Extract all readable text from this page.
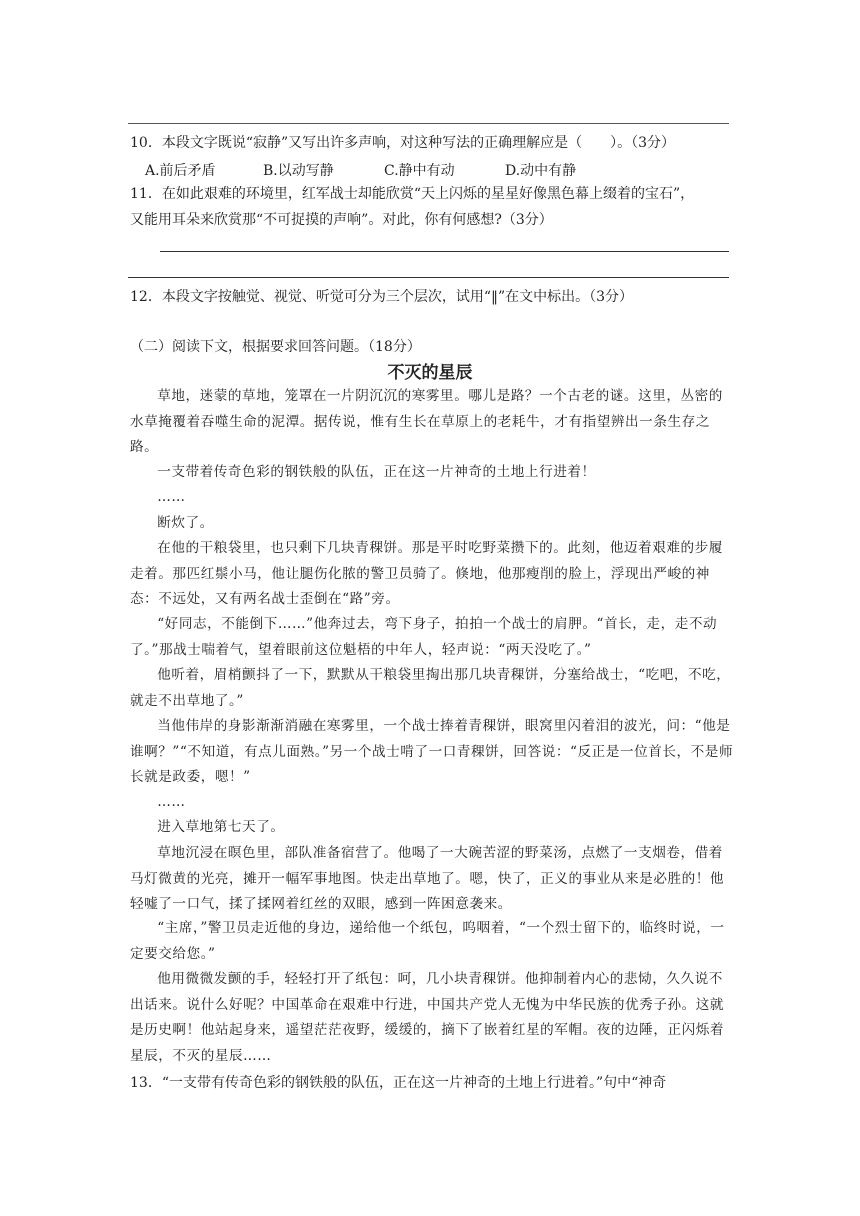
10．本段文字既说“寂静”又写出许多声响，对这种写法的正确理解应是（　　）。（3分）
A.前后矛盾	B.以动写静	C.静中有动	D.动中有静
11．在如此艰难的环境里，红军战士却能欣赏“天上闪烁的星星好像黑色幕上缀着的宝石”，
又能用耳朵来欣赏那“不可捉摸的声响”。对此，你有何感想?（3分）
12．本段文字按触觉、视觉、听觉可分为三个层次，试用“‖”在文中标出。（3分）
（二）阅读下文，根据要求回答问题。（18分）
不灭的星辰
草地，迷蒙的草地，笼罩在一片阴沉沉的寒雾里。哪儿是路？一个古老的谜。这里，丛密的水草掩覆着吞噬生命的泥潭。据传说，惟有生长在草原上的老耗牛，才有指望辨出一条生存之路。
一支带着传奇色彩的钢铁般的队伍，正在这一片神奇的土地上行进着！
……
断炊了。
在他的干粮袋里，也只剩下几块青稞饼。那是平时吃野菜攒下的。此刻，他迈着艰难的步履走着。那匹红鬃小马，他让腿伤化脓的警卫员骑了。倏地，他那瘦削的脸上，浮现出严峻的神态：不远处，又有两名战士歪倒在“路”旁。
“好同志，不能倒下……”他奔过去，弯下身子，拍拍一个战士的肩胛。“首长，走，走不动了。”那战士喘着气，望着眼前这位魁梧的中年人，轻声说：“两天没吃了。”
他听着，眉梢颤抖了一下，默默从干粮袋里掏出那几块青稞饼，分塞给战士，“吃吧，不吃，就走不出草地了。”
当他伟岸的身影渐渐消融在寒雾里，一个战士捧着青稞饼，眼窝里闪着泪的波光，问：“他是谁啊？”“不知道，有点儿面熟。”另一个战士啃了一口青稞饼，回答说：“反正是一位首长，不是师长就是政委，嗯！”
……
进入草地第七天了。
草地沉浸在暝色里，部队准备宿营了。他喝了一大碗苦涩的野菜汤，点燃了一支烟卷，借着马灯微黄的光亮，摊开一幅军事地图。快走出草地了。嗯，快了，正义的事业从来是必胜的！他轻嘘了一口气，揉了揉网着红丝的双眼，感到一阵困意袭来。
“主席，”警卫员走近他的身边，递给他一个纸包，呜咽着，“一个烈士留下的，临终时说，一定要交给您。”
他用微微发颤的手，轻轻打开了纸包：呵，几小块青稞饼。他抑制着内心的悲恸，久久说不出话来。说什么好呢？中国革命在艰难中行进，中国共产党人无愧为中华民族的优秀子孙。这就是历史啊！他站起身来，遥望茫茫夜野，缓缓的，摘下了嵌着红星的军帽。夜的边陲，正闪烁着星辰，不灭的星辰……
13．“一支带有传奇色彩的钢铁般的队伍，正在这一片神奇的土地上行进着。”句中“神奇
